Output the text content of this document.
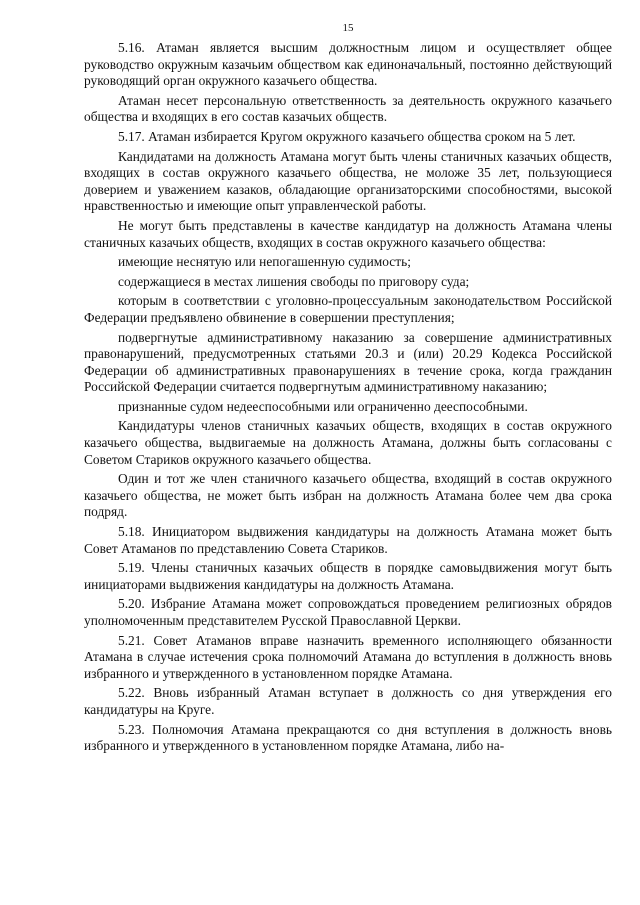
15

5.16. Атаман является высшим должностным лицом и осуществляет общее руководство окружным казачьим обществом как единоначальный, постоянно действующий руководящий орган окружного казачьего общества.

Атаман несет персональную ответственность за деятельность окружного казачьего общества и входящих в его состав казачьих обществ.

5.17. Атаман избирается Кругом окружного казачьего общества сроком на 5 лет.

Кандидатами на должность Атамана могут быть члены станичных казачьих обществ, входящих в состав окружного казачьего общества, не моложе 35 лет, пользующиеся доверием и уважением казаков, обладающие организаторскими способностями, высокой нравственностью и имеющие опыт управленческой работы.

Не могут быть представлены в качестве кандидатур на должность Атамана члены станичных казачьих обществ, входящих в состав окружного казачьего общества:

имеющие неснятую или непогашенную судимость;

содержащиеся в местах лишения свободы по приговору суда;

которым в соответствии с уголовно-процессуальным законодательством Российской Федерации предъявлено обвинение в совершении преступления;

подвергнутые административному наказанию за совершение административных правонарушений, предусмотренных статьями 20.3 и (или) 20.29 Кодекса Российской Федерации об административных правонарушениях в течение срока, когда гражданин Российской Федерации считается подвергнутым административному наказанию;

признанные судом недееспособными или ограниченно дееспособными.

Кандидатуры членов станичных казачьих обществ, входящих в состав окружного казачьего общества, выдвигаемые на должность Атамана, должны быть согласованы с Советом Стариков окружного казачьего общества.

Один и тот же член станичного казачьего общества, входящий в состав окружного казачьего общества, не может быть избран на должность Атамана более чем два срока подряд.

5.18. Инициатором выдвижения кандидатуры на должность Атамана может быть Совет Атаманов по представлению Совета Стариков.

5.19. Члены станичных казачьих обществ в порядке самовыдвижения могут быть инициаторами выдвижения кандидатуры на должность Атамана.

5.20. Избрание Атамана может сопровождаться проведением религиозных обрядов уполномоченным представителем Русской Православной Церкви.

5.21. Совет Атаманов вправе назначить временного исполняющего обязанности Атамана в случае истечения срока полномочий Атамана до вступления в должность вновь избранного и утвержденного в установленном порядке Атамана.

5.22. Вновь избранный Атаман вступает в должность со дня утверждения его кандидатуры на Круге.

5.23. Полномочия Атамана прекращаются со дня вступления в должность вновь избранного и утвержденного в установленном порядке Атамана, либо на-
